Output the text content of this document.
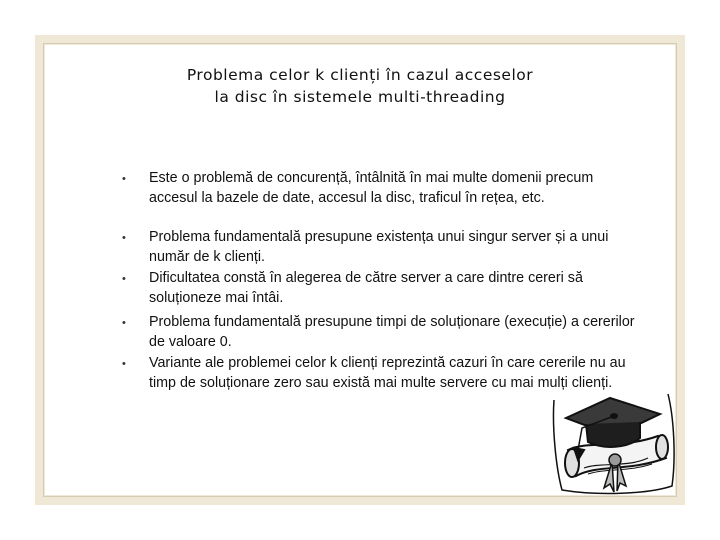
Problema celor k clienți în cazul acceselor
la disc în sistemele multi-threading
• Este o problemă de concurență, întâlnită în mai multe domenii precum accesul la bazele de date, accesul la disc, traficul în rețea, etc.
• Problema fundamentală presupune existența unui singur server și a unui număr de k clienți.
• Dificultatea constă în alegerea de către server a care dintre cereri să soluționeze mai întâi.
• Problema fundamentală presupune timpi de soluționare (execuție) a cererilor de valoare 0.
• Variante ale problemei celor k clienți reprezintă cazuri în care cererile nu au timp de soluționare zero sau există mai multe servere cu mai mulți clienți.
